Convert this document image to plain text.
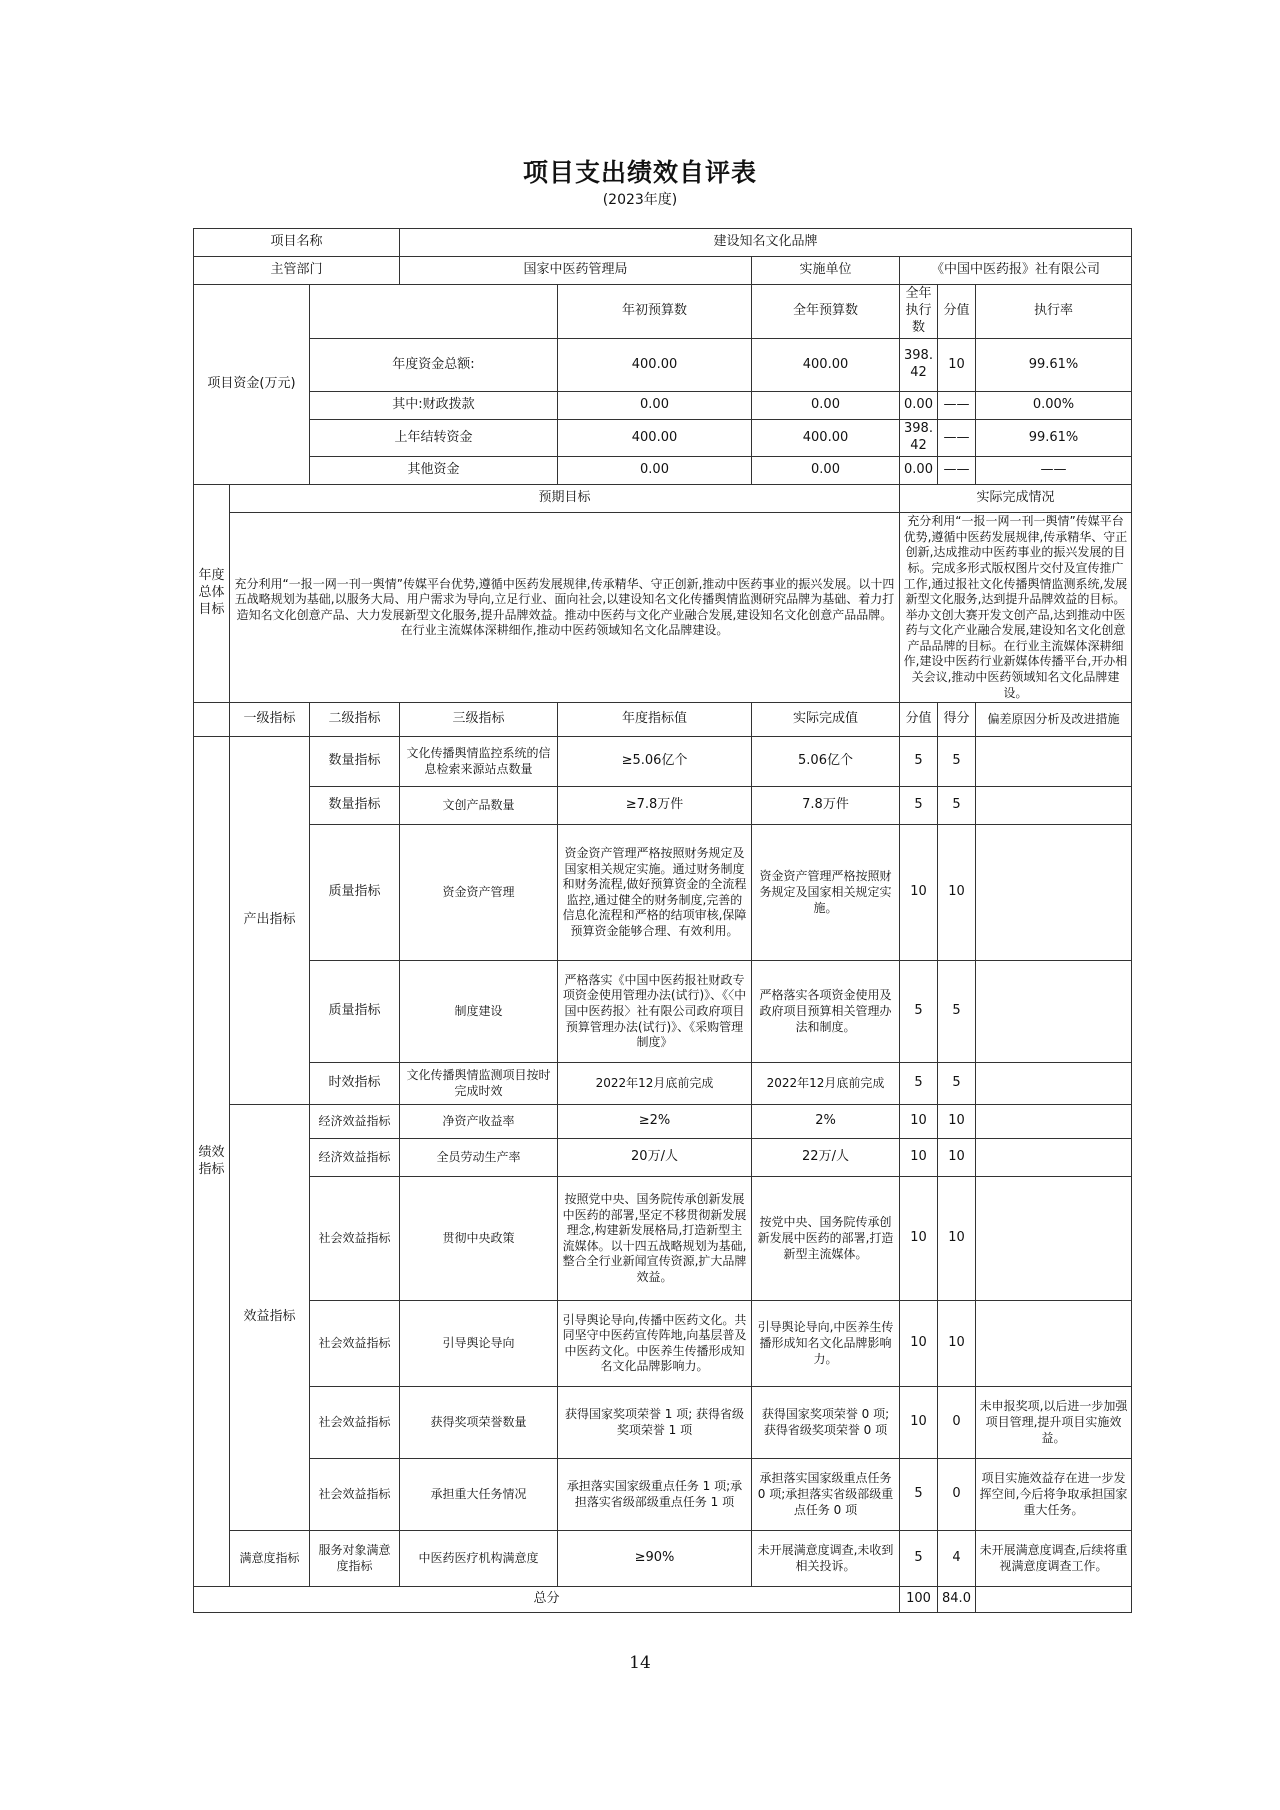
项目支出绩效自评表
(2023年度)
项目名称			建设知名文化品牌						
主管部门			国家中医药管理局		实施单位	《中国中医药报》社有限公司			
项目资金(万元)				年初预算数	全年预算数	全年执行数	分值	执行率	
		年度资金总额:		400.00	400.00	398.42	10	99.61%	
		其中:财政拨款		0.00	0.00	0.00	——	0.00%	
		上年结转资金		400.00	400.00	398.42	——	99.61%	
		其他资金		0.00	0.00	0.00	——	——	
年度总体目标	预期目标					实际完成情况			
	充分利用“一报一网一刊一舆情”传媒平台优势,遵循中医药发展规律,传承精华、守正创新,推动中医药事业的振兴发展。以十四五战略规划为基础,以服务大局、用户需求为导向,立足行业、面向社会,以建设知名文化传播舆情监测研究品牌为基础、着力打造知名文化创意产品、大力发展新型文化服务,提升品牌效益。推动中医药与文化产业融合发展,建设知名文化创意产品品牌。在行业主流媒体深耕细作,推动中医药领域知名文化品牌建设。					充分利用“一报一网一刊一舆情”传媒平台优势,遵循中医药发展规律,传承精华、守正创新,达成推动中医药事业的振兴发展的目标。完成多形式版权图片交付及宣传推广工作,通过报社文化传播舆情监测系统,发展新型文化服务,达到提升品牌效益的目标。举办文创大赛开发文创产品,达到推动中医药与文化产业融合发展,建设知名文化创意产品品牌的目标。在行业主流媒体深耕细作,建设中医药行业新媒体传播平台,开办相关会议,推动中医药领域知名文化品牌建设。			
	一级指标	二级指标	三级指标	年度指标值	实际完成值	分值	得分	偏差原因分析及改进措施	
绩效指标	产出指标	数量指标	文化传播舆情监控系统的信息检索来源站点数量	≥5.06亿个	5.06亿个	5	5		
		数量指标	文创产品数量	≥7.8万件	7.8万件	5	5		
		质量指标	资金资产管理	资金资产管理严格按照财务规定及国家相关规定实施。通过财务制度和财务流程,做好预算资金的全流程监控,通过健全的财务制度,完善的信息化流程和严格的结项审核,保障预算资金能够合理、有效利用。	资金资产管理严格按照财务规定及国家相关规定实施。	10	10		
		质量指标	制度建设	严格落实《中国中医药报社财政专项资金使用管理办法(试行)》、《〈中国中医药报〉社有限公司政府项目预算管理办法(试行)》、《采购管理制度》	严格落实各项资金使用及政府项目预算相关管理办法和制度。	5	5		
		时效指标	文化传播舆情监测项目按时完成时效	2022年12月底前完成	2022年12月底前完成	5	5		
	效益指标	经济效益指标	净资产收益率	≥2%	2%	10	10		
		经济效益指标	全员劳动生产率	20万/人	22万/人	10	10		
		社会效益指标	贯彻中央政策	按照党中央、国务院传承创新发展中医药的部署,坚定不移贯彻新发展理念,构建新发展格局,打造新型主流媒体。以十四五战略规划为基础,整合全行业新闻宣传资源,扩大品牌效益。	按党中央、国务院传承创新发展中医药的部署,打造新型主流媒体。	10	10		
		社会效益指标	引导舆论导向	引导舆论导向,传播中医药文化。共同坚守中医药宣传阵地,向基层普及中医药文化。中医养生传播形成知名文化品牌影响力。	引导舆论导向,中医养生传播形成知名文化品牌影响力。	10	10		
		社会效益指标	获得奖项荣誉数量	获得国家奖项荣誉 1 项; 获得省级奖项荣誉 1 项	获得国家奖项荣誉 0 项; 获得省级奖项荣誉 0 项	10	0	未申报奖项,以后进一步加强项目管理,提升项目实施效益。	
		社会效益指标	承担重大任务情况	承担落实国家级重点任务 1 项;承担落实省级部级重点任务 1 项	承担落实国家级重点任务 0 项;承担落实省级部级重点任务 0 项	5	0	项目实施效益存在进一步发挥空间,今后将争取承担国家重大任务。	
	满意度指标	服务对象满意度指标	中医药医疗机构满意度	≥90%	未开展满意度调查,未收到相关投诉。	5	4	未开展满意度调查,后续将重视满意度调查工作。	
总分						100	84.0		
14
